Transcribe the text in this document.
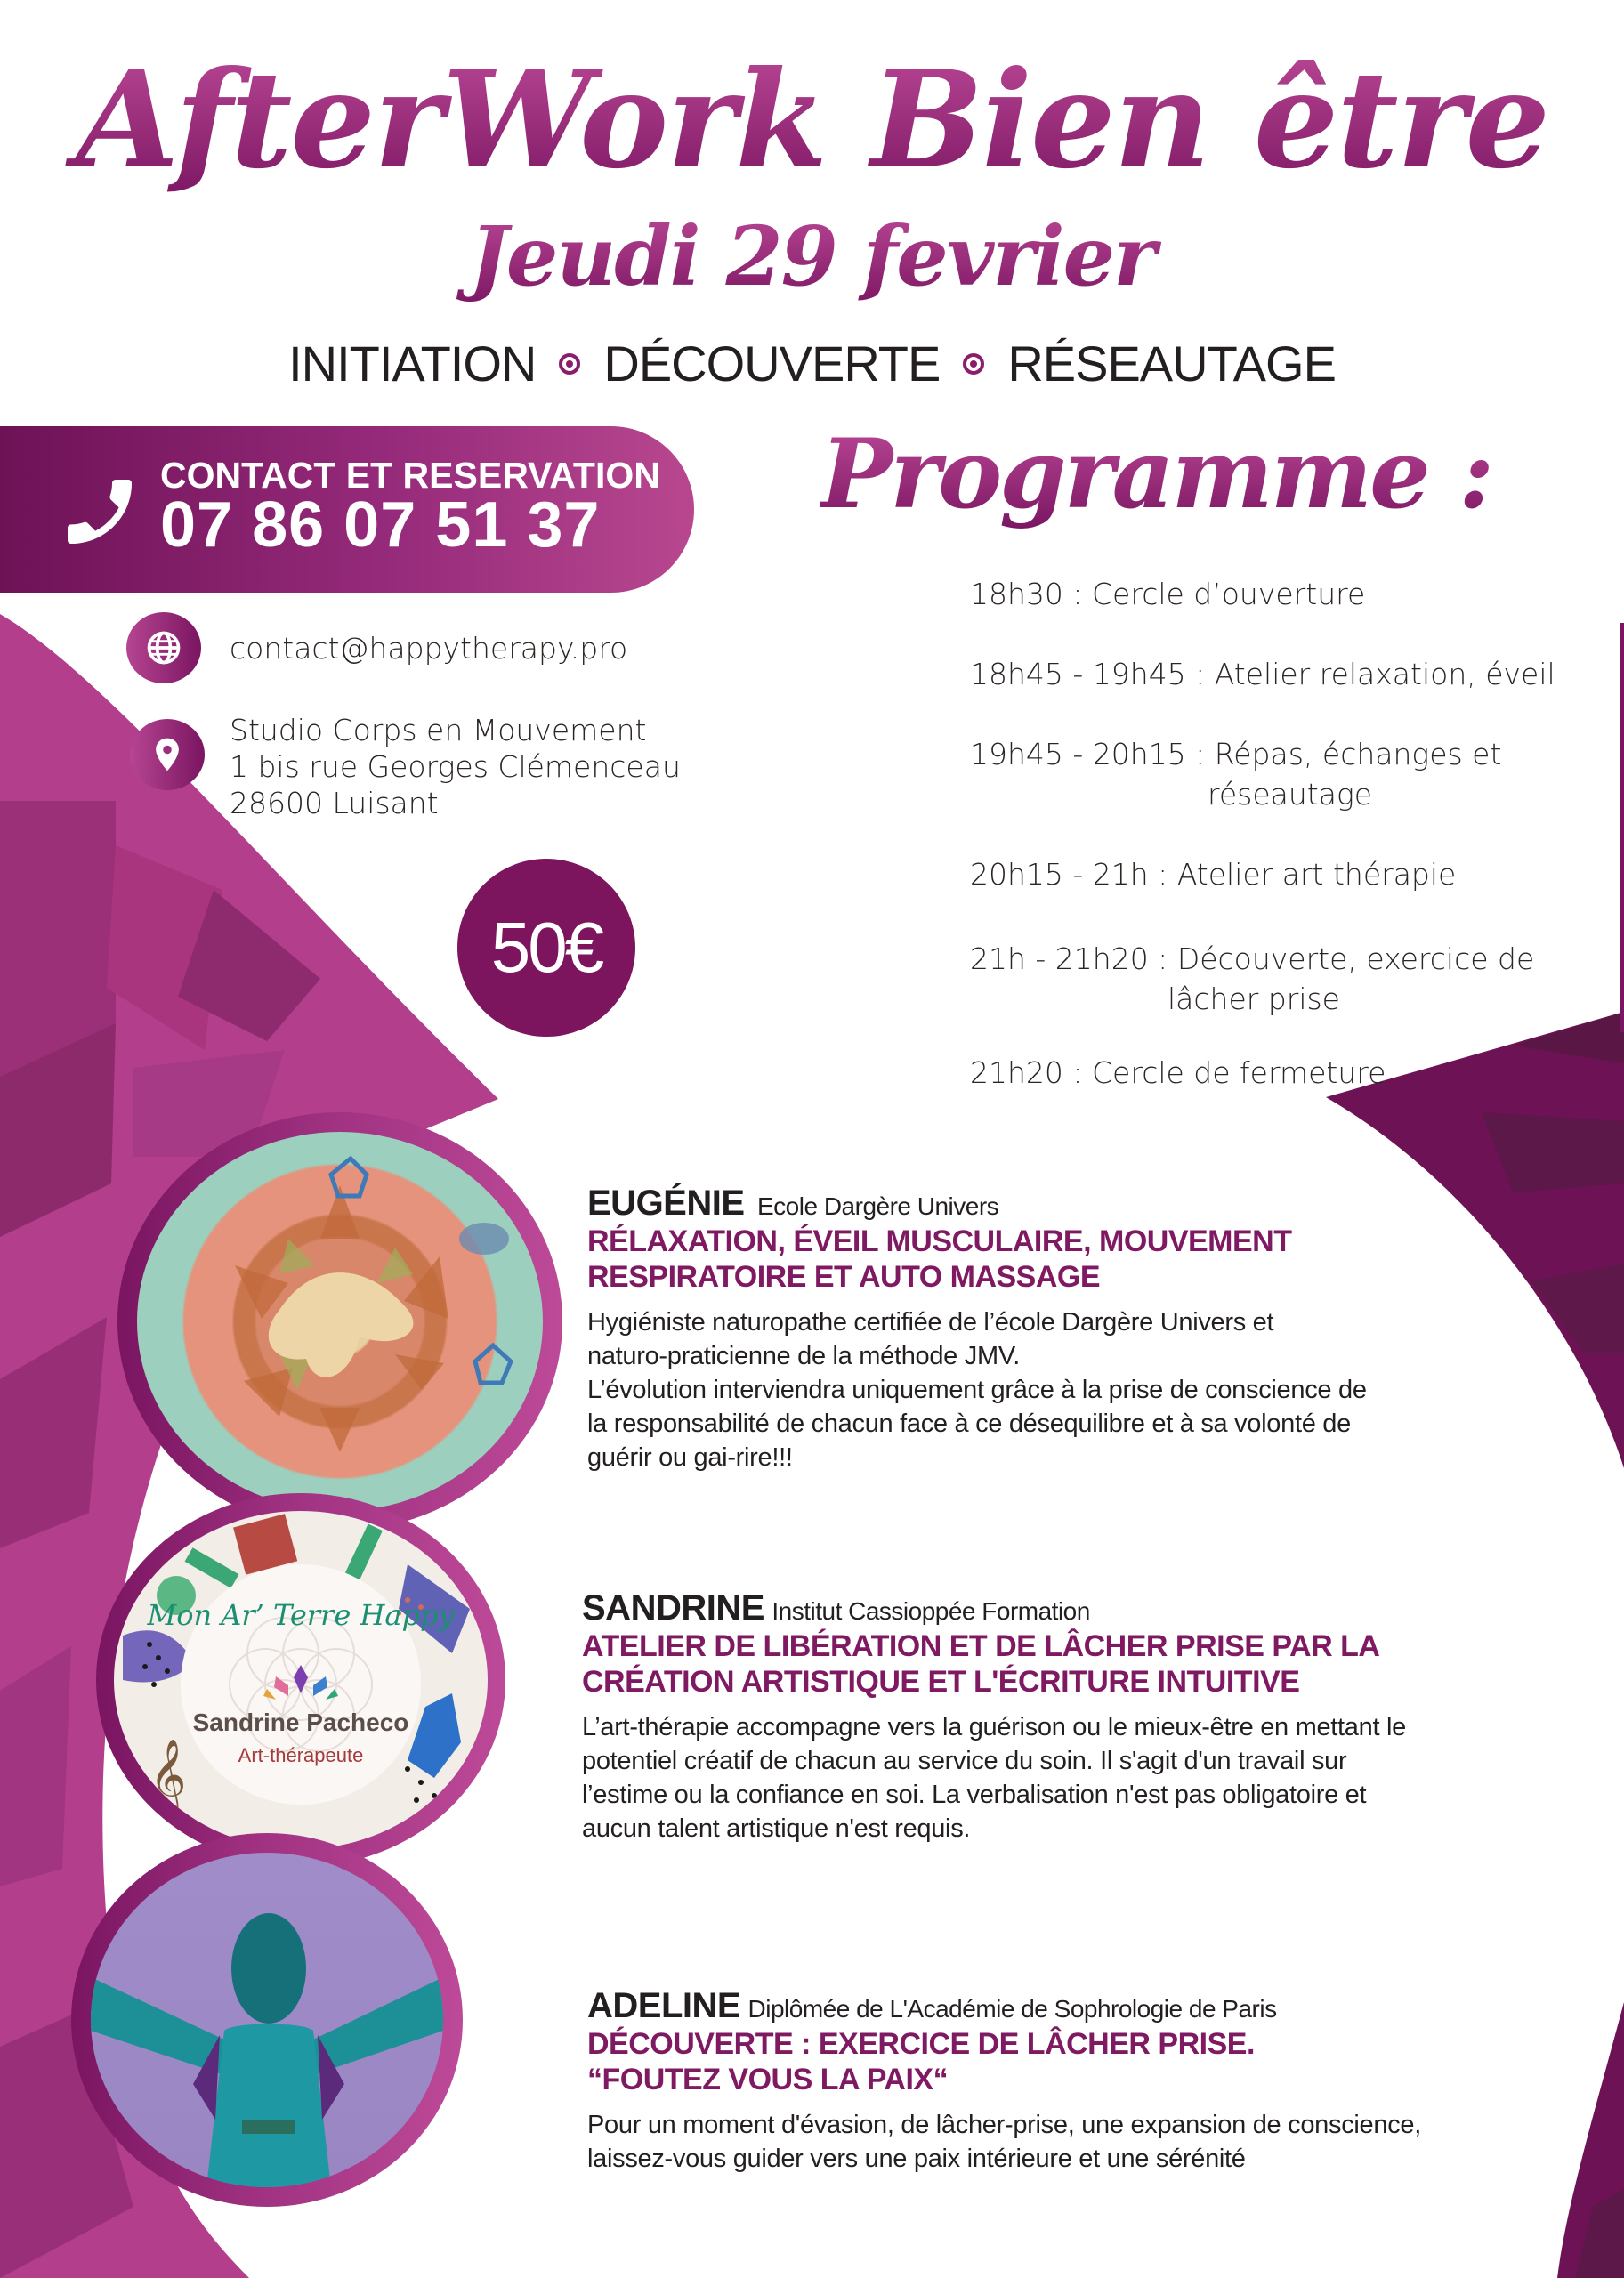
AfterWork Bien être
Jeudi 29 fevrier
INITIATION DÉCOUVERTE RÉSEAUTAGE
CONTACT ET RESERVATION
07 86 07 51 37
contact@happytherapy.pro
Studio Corps en Mouvement
1 bis rue Georges Clémenceau
28600 Luisant
50€
Programme :
18h30 : Cercle d’ouverture
18h45 - 19h45 : Atelier relaxation, éveil
19h45 - 20h15 : Répas, échanges et
réseautage
20h15 - 21h : Atelier art thérapie
21h - 21h20 : Découverte, exercice de
lâcher prise
21h20 : Cercle de fermeture
𝄞
Mon Ar’ Terre Happy
Sandrine Pacheco
Art-thérapeute
EUGÉNIE Ecole Dargère Univers
RÉLAXATION, ÉVEIL MUSCULAIRE, MOUVEMENT
RESPIRATOIRE ET AUTO MASSAGE
Hygiéniste naturopathe certifiée de l’école Dargère Univers et
naturo-praticienne de la méthode JMV.
L’évolution interviendra uniquement grâce à la prise de conscience de
la responsabilité de chacun face à ce désequilibre et à sa volonté de
guérir ou gai-rire!!!
SANDRINE Institut Cassioppée Formation
ATELIER DE LIBÉRATION ET DE LÂCHER PRISE PAR LA
CRÉATION ARTISTIQUE ET L'ÉCRITURE INTUITIVE
L’art-thérapie accompagne vers la guérison ou le mieux-être en mettant le
potentiel créatif de chacun au service du soin. Il s'agit d'un travail sur
l’estime ou la confiance en soi. La verbalisation n'est pas obligatoire et
aucun talent artistique n'est requis.
ADELINE Diplômée de L'Académie de Sophrologie de Paris
DÉCOUVERTE : EXERCICE DE LÂCHER PRISE.
“FOUTEZ VOUS LA PAIX“
Pour un moment d'évasion, de lâcher-prise, une expansion de conscience,
laissez-vous guider vers une paix intérieure et une sérénité
